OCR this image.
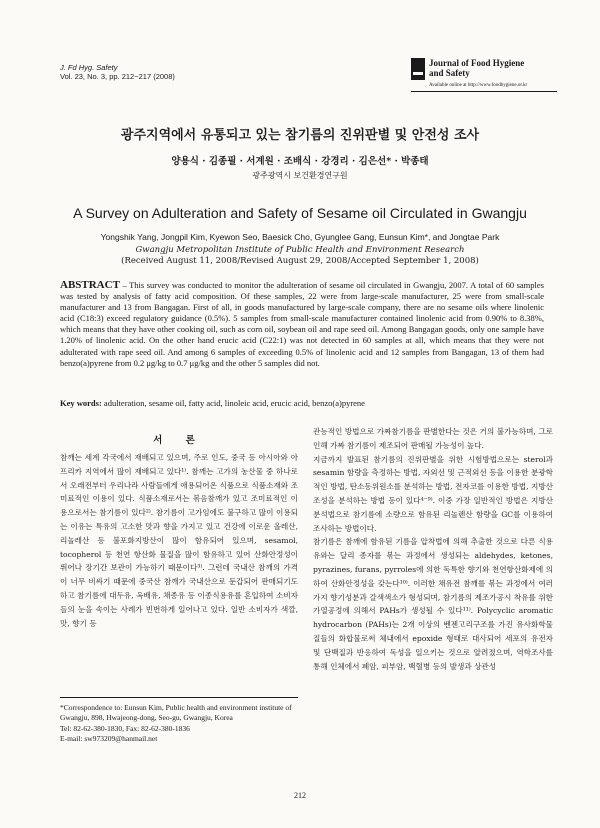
J. Fd Hyg. Safety
Vol. 23, No. 3, pp. 212~217 (2008)
Journal of Food Hygiene
and Safety
Available online at http://www.foodhygiene.or.kr
광주지역에서 유통되고 있는 참기름의 진위판별 및 안전성 조사
양용식 · 김종필 · 서계원 · 조배식 · 강경리 · 김은선* · 박종태
광주광역시 보건환경연구원
A Survey on Adulteration and Safety of Sesame oil Circulated in Gwangju
Yongshik Yang, Jongpil Kim, Kyewon Seo, Baesick Cho, Gyunglee Gang, Eunsun Kim*, and Jongtae Park
Gwangju Metropolitan Institute of Public Health and Environment Research
(Received August 11, 2008/Revised August 29, 2008/Accepted September 1, 2008)
ABSTRACT – This survey was conducted to monitor the adulteration of sesame oil circulated in Gwangju, 2007. A total of 60 samples was tested by analysis of fatty acid composition. Of these samples, 22 were from large-scale manufacturer, 25 were from small-scale manufacturer and 13 from Bangagan. First of all, in goods manufactured by large-scale company, there are no sesame oils where linolenic acid (C18:3) exceed regulatory guidance (0.5%). 5 samples from small-scale manufacturer contained linolenic acid from 0.90% to 8.38%, which means that they have other cooking oil, such as corn oil, soybean oil and rape seed oil. Among Bangagan goods, only one sample have 1.20% of linolenic acid. On the other hand erucic acid (C22:1) was not detected in 60 samples at all, which means that they were not adulterated with rape seed oil. And among 6 samples of exceeding 0.5% of linolenic acid and 12 samples from Bangagan, 13 of them had benzo(a)pyrene from 0.2 μg/kg to 0.7 μg/kg and the other 5 samples did not.
Key words: adulteration, sesame oil, fatty acid, linoleic acid, erucic acid, benzo(a)pyrene
서 론

참깨는 세계 각국에서 재배되고 있으며, 주로 인도, 중국 등 아시아와 아프리카 지역에서 많이 재배되고 있다¹⁾. 참깨는 고가의 농산물 중 하나로서 오래전부터 우리나라 사람들에게 애용되어온 식품으로 식품소재와 조미료적인 이용이 있다. 식품소재로서는 볶음참깨가 있고 조미료적인 이용으로서는 참기름이 있다²⁾. 참기름이 고가임에도 불구하고 많이 이용되는 이유는 특유의 고소한 맛과 향을 가지고 있고 건강에 이로운 올레산, 리놀레산 등 불포화지방산이 많이 함유되어 있으며, sesamol, tocopherol 등 천연 항산화 물질을 많이 함유하고 있어 산화안정성이 뛰어나 장기간 보관이 가능하기 때문이다³⁾. 그런데 국내산 참깨의 가격이 너무 비싸기 때문에 중국산 참깨가 국내산으로 둔갑되어 판매되기도 하고 참기름에 대두유, 옥배유, 채종유 등 이종식용유를 혼입하여 소비자들의 눈을 속이는 사례가 빈번하게 일어나고 있다. 일반 소비자가 색깔, 맛, 향기 등

관능적인 방법으로 가짜참기름을 판별한다는 것은 거의 불가능하며, 그로 인해 가짜 참기름이 제조되어 판매될 가능성이 높다.

지금까지 발표된 참기름의 진위판별을 위한 시험방법으로는 sterol과 sesamin 함량을 측정하는 방법, 자외선 및 근적외선 등을 이용한 분광학적인 방법, 탄소동위원소를 분석하는 방법, 전자코를 이용한 방법, 지방산 조성을 분석하는 방법 등이 있다⁴⁻⁹⁾. 이중 가장 일반적인 방법은 지방산 분석법으로 참기름에 소량으로 함유된 리놀렌산 함량을 GC를 이용하여 조사하는 방법이다.

참기름은 참깨에 함유된 기름을 압착법에 의해 추출한 것으로 다른 식용유와는 달리 종자를 볶는 과정에서 생성되는 aldehydes, ketones, pyrazines, furans, pyrroles에 의한 독특한 향기와 천연항산화제에 의하여 산화안정성을 갖는다¹⁰⁾. 이러한 채유전 참깨를 볶는 과정에서 여러 가지 향기성분과 갈색색소가 형성되며, 참기름의 제조가공시 착유를 위한 가열공정에 의해서 PAHs가 생성될 수 있다¹¹⁾. Polycyclic aromatic hydrocarbon (PAHs)는 2개 이상의 벤젠고리구조를 가진 유사화학물질들의 화합물로써 체내에서 epoxide 형태로 대사되어 세포의 유전자 및 단백질과 반응하여 독성을 일으키는 것으로 알려졌으며, 역학조사를 통해 인체에서 폐암, 피부암, 백혈병 등의 발생과 상관성

*Correspondence to: Eunsun Kim, Public health and environment institute of Gwangju, 898, Hwajeong-dong, Seo-gu, Gwangju, Korea
Tel: 82-62-380-1830, Fax: 82-62-380-1836
E-mail: sw973209@hanmail.net
212
